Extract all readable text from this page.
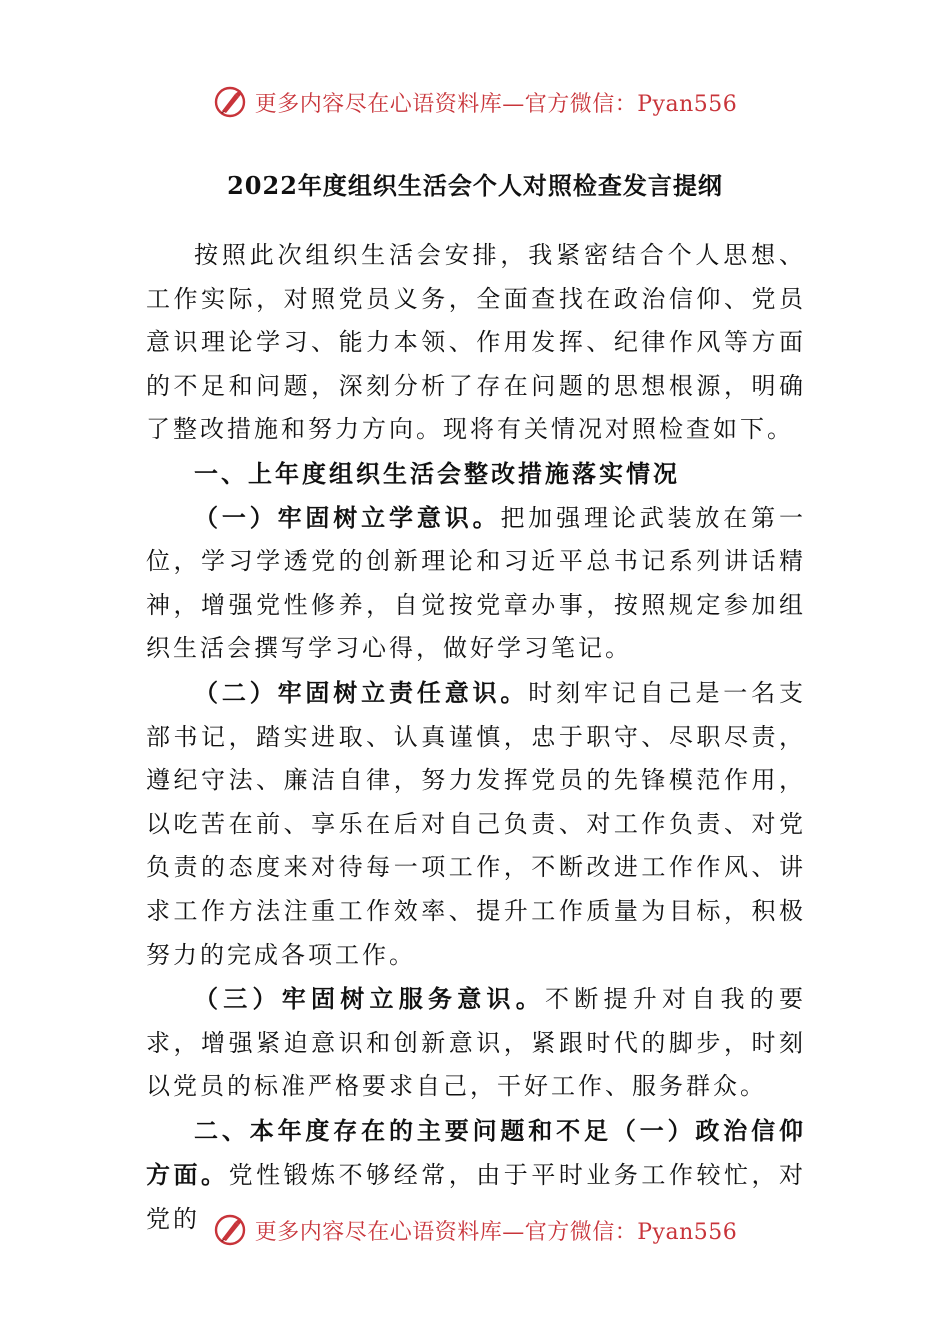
更多内容尽在心语资料库—官方微信：Pyan556
2022年度组织生活会个人对照检查发言提纲

按照此次组织生活会安排，我紧密结合个人思想、工作实际，对照党员义务，全面查找在政治信仰、党员意识理论学习、能力本领、作用发挥、纪律作风等方面的不足和问题，深刻分析了存在问题的思想根源，明确了整改措施和努力方向。现将有关情况对照检查如下。

一、上年度组织生活会整改措施落实情况

（一）牢固树立学意识。把加强理论武装放在第一位，学习学透党的创新理论和习近平总书记系列讲话精神，增强党性修养，自觉按党章办事，按照规定参加组织生活会撰写学习心得，做好学习笔记。

（二）牢固树立责任意识。时刻牢记自己是一名支部书记，踏实进取、认真谨慎，忠于职守、尽职尽责，遵纪守法、廉洁自律，努力发挥党员的先锋模范作用，以吃苦在前、享乐在后对自己负责、对工作负责、对党负责的态度来对待每一项工作，不断改进工作作风、讲求工作方法注重工作效率、提升工作质量为目标，积极努力的完成各项工作。

（三）牢固树立服务意识。不断提升对自我的要求，增强紧迫意识和创新意识，紧跟时代的脚步，时刻以党员的标准严格要求自己，干好工作、服务群众。

二、本年度存在的主要问题和不足（一）政治信仰方面。党性锻炼不够经常，由于平时业务工作较忙，对党的	更多内容尽在心语资料库—官方微信：Pyan556
